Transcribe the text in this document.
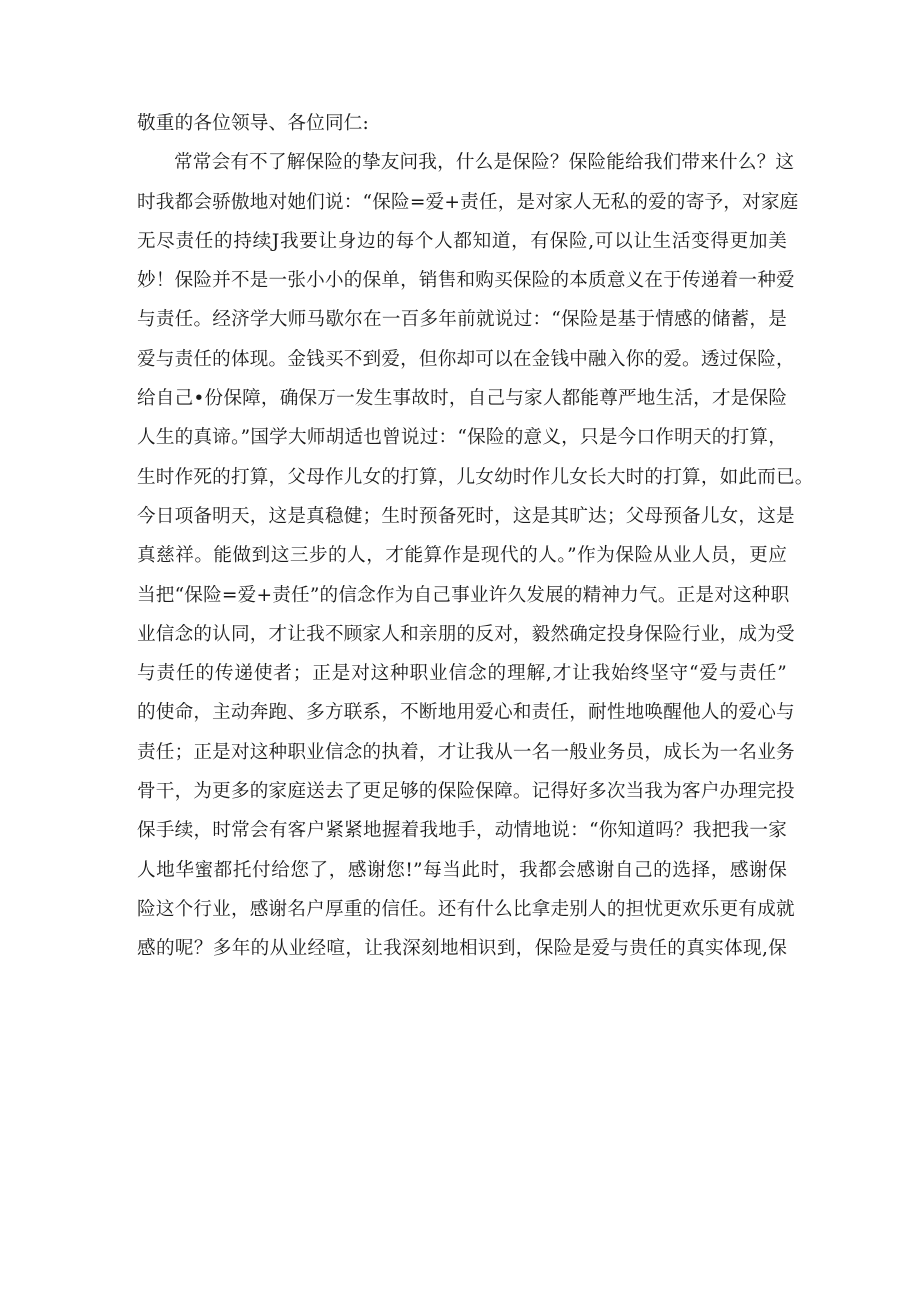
敬重的各位领导、各位同仁:
常常会有不了解保险的挚友问我，什么是保险？保险能给我们带来什么？这
时我都会骄傲地对她们说：“保险=爱+责任，是对家人无私的爱的寄予，对家庭
无尽责任的持续J我要让身边的每个人都知道，有保险,可以让生活变得更加美
妙！保险并不是一张小小的保单，销售和购买保险的本质意义在于传递着一种爱
与责任。经济学大师马歇尔在一百多年前就说过：“保险是基于情感的储蓄，是
爱与责任的体现。金钱买不到爱，但你却可以在金钱中融入你的爱。透过保险，
给自己•份保障，确保万一发生事故时，自己与家人都能尊严地生活，才是保险
人生的真谛。”国学大师胡适也曾说过：“保险的意义，只是今口作明天的打算，
生时作死的打算，父母作儿女的打算，儿女幼时作儿女长大时的打算，如此而已。
今日项备明天，这是真稳健；生时预备死时，这是其旷达；父母预备儿女，这是
真慈祥。能做到这三步的人，才能算作是现代的人。”作为保险从业人员，更应
当把“保险=爱+责任”的信念作为自己事业许久发展的精神力气。正是对这种职
业信念的认同，才让我不顾家人和亲朋的反对，毅然确定投身保险行业，成为受
与责任的传递使者；正是对这种职业信念的理解,才让我始终坚守“爱与责任”
的使命，主动奔跑、多方联系，不断地用爱心和责任，耐性地唤醒他人的爱心与
责任；正是对这种职业信念的执着，才让我从一名一般业务员，成长为一名业务
骨干，为更多的家庭送去了更足够的保险保障。记得好多次当我为客户办理完投
保手续，时常会有客户紧紧地握着我地手，动情地说：“你知道吗？我把我一家
人地华蜜都托付给您了，感谢您!”每当此时，我都会感谢自己的选择，感谢保
险这个行业，感谢名户厚重的信任。还有什么比拿走别人的担忧更欢乐更有成就
感的呢？多年的从业经喧，让我深刻地相识到，保险是爱与贵任的真实体现,保
